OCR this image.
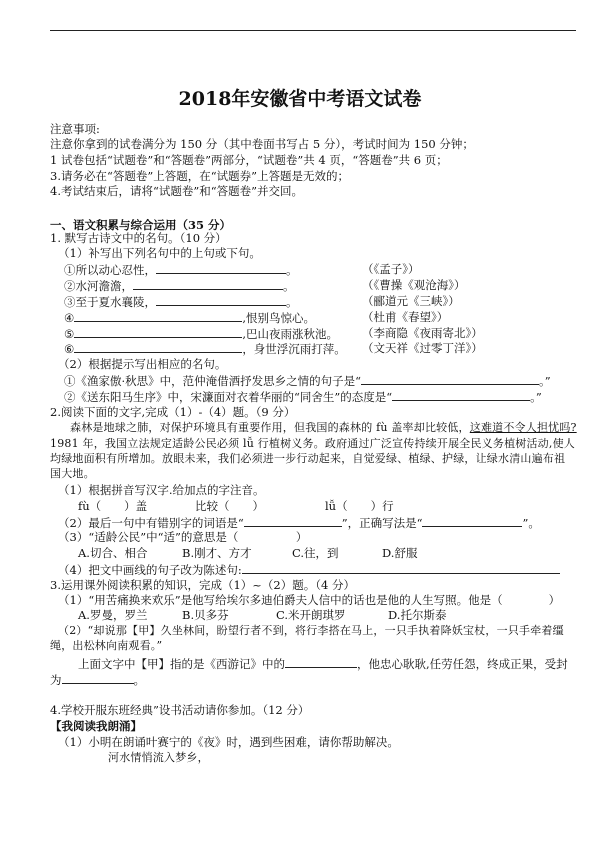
2018年安徽省中考语文试卷
注意事项:
注意你拿到的试卷满分为 150 分（其中卷面书写占 5 分），考试时间为 150 分钟；
1 试卷包括“试题卷”和“答题卷”两部分，“试题卷”共 4 页，“答题卷”共 6 页；
3.请务必在“答题卷”上答题，在“试题券”上答题是无效的；
4.考试结束后，请将“试题卷”和“答题卷”并交回。
一、语文积累与综合运用（35 分）
1. 默写古诗文中的名句。（10 分）
（1）补写出下列名句中的上句或下句。
①所以动心忍性，	。	（《孟子》）
②水河澹澹，	。	（《曹操《观沧海》）
③至于夏水襄陵，	。	（郦道元《三峡》）
④	,恨别鸟惊心。	（杜甫《春望》）
⑤	,巴山夜雨涨秋池。 （李商隐《夜雨寄北》）
⑥	，身世浮沉雨打萍。 （文天祥《过零丁洋》）
（2）根据提示写出相应的名句。
①《渔家傲·秋思》中，范仲淹借酒抒发思乡之情的句子是“	。”
②《送东阳马生序》中，宋濂面对衣着华丽的“同舍生”的态度是“	。”
2.阅读下面的文字,完成（1）-（4）题。（9 分）
森林是地球之肺，对保护环境具有重要作用，但我国的森林的 fù 盖率却比较低，这难道不令人担忧吗?
1981 年，我国立法规定适龄公民必须 lǚ 行植树义务。政府通过广泛宣传持续开展全民义务植树活动,使人
均绿地面积有所增加。放眼未来，我们必须进一步行动起来，自觉爱绿、植绿、护绿，让绿水清山遍布祖
国大地。
（1）根据拼音写汉字.给加点的字注音。
fù（　　）盖	比较（　　）	lǚ（　　）行
（2）最后一句中有错别字的词语是“	”，正确写法是“	”。
（3）“适龄公民”中“适”的意思是（　　　　　）
A.切合、相合	B.刚才、方才	C.往，到	D.舒服
（4）把文中画线的句子改为陈述句:
3.运用课外阅读积累的知识，完成（1）~（2）题。（4 分）
（1）“用苦痛换来欢乐”是他写给埃尔多迪伯爵夫人信中的话也是他的人生写照。他是（　　　　）
A.罗曼，罗兰	B.贝多芬	C.米开朗琪罗	D.托尔斯泰
（2）“却说那【甲】久坐林间，盼望行者不到，将行李搭在马上，一只手执着降妖宝杖，一只手牵着缰
绳，出松林向南观看。”
上面文字中【甲】指的是《西游记》中的	，他忠心耿耿,任劳任怨，终成正果，受封
为	。
4.学校开服东班经典”设书活动请你参加。（12 分）
【我阅读我朗涌】
（1）小明在朗诵叶赛宁的《夜》时，遇到些困难，请你帮助解决。
河水情悄流入梦乡，
